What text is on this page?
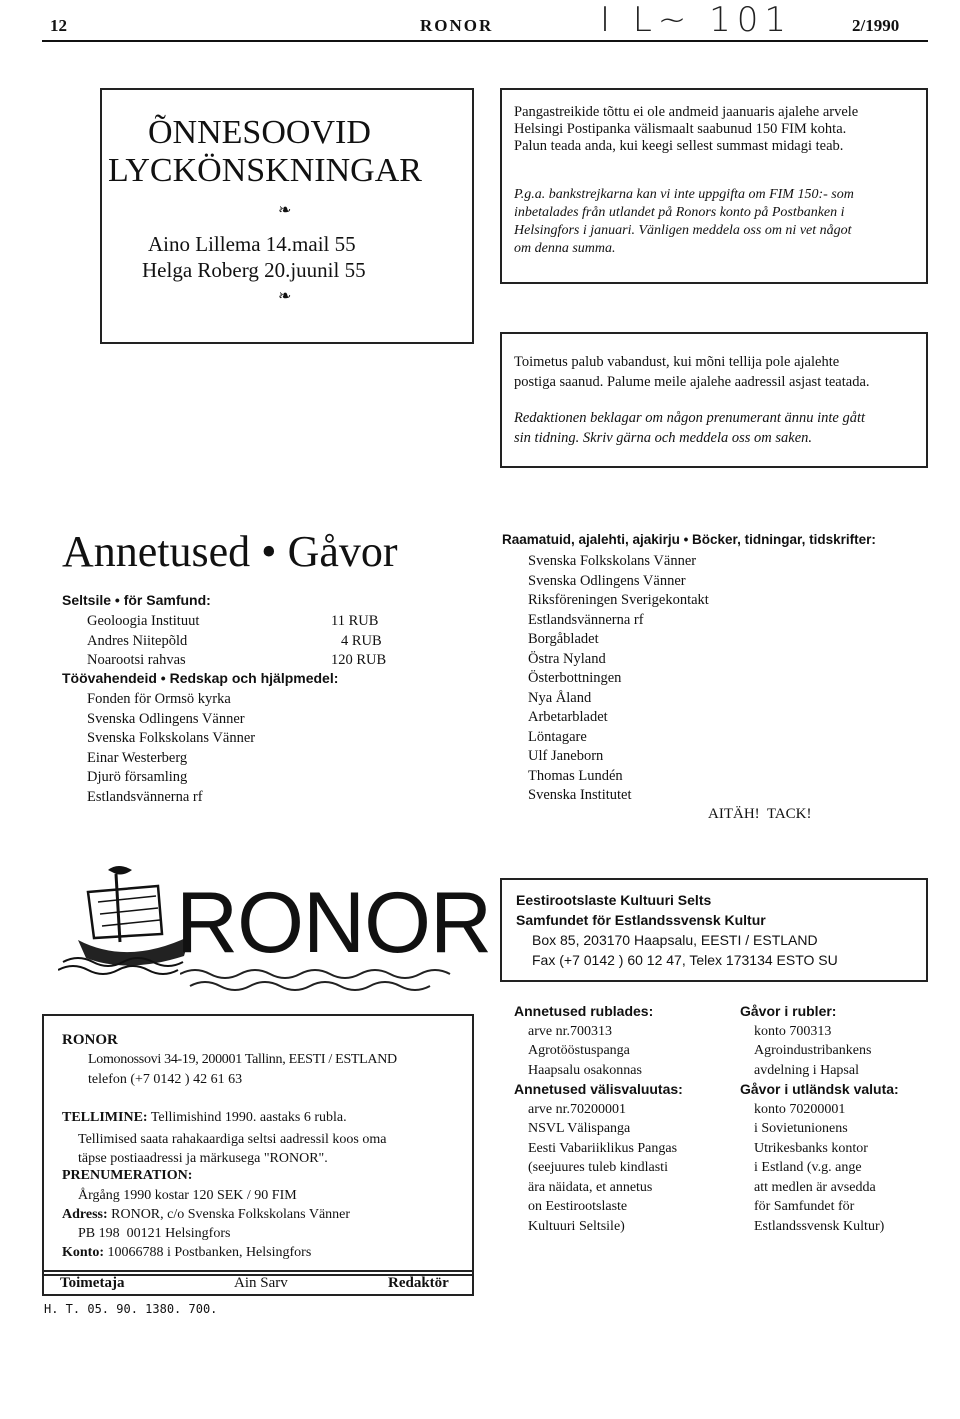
12	RONOR	I L~ 101	2/1990
ÕNNESOOVID
LYCKÖNSKNINGAR
❧
Aino Lillema 14.mail 55
Helga Roberg 20.juunil 55
❧

Pangastreikide tõttu ei ole andmeid jaanuaris ajalehe arvele

Helsingi Postipanka välismaalt saabunud 150 FIM kohta.

Palun teada anda, kui keegi sellest summast midagi teab.

P.g.a. bankstrejkarna kan vi inte uppgifta om FIM 150:- som

inbetalades från utlandet på Ronors konto på Postbanken i

Helsingfors i januari. Vänligen meddela oss om ni vet något

om denna summa.

Toimetus palub vabandust, kui mõni tellija pole ajalehte

postiga saanud. Palume meile ajalehe aadressil asjast teatada.

Redaktionen beklagar om någon prenumerant ännu inte gått

sin tidning. Skriv gärna och meddela oss om saken.

Annetused • Gåvor
Seltsile • för Samfund:
Geoloogia Instituut	11 RUB
Andres Niitepõld	4 RUB
Noarootsi rahvas	120 RUB
Töövahendeid • Redskap och hjälpmedel:

Fonden för Ormsö kyrka

Svenska Odlingens Vänner

Svenska Folkskolans Vänner

Einar Westerberg

Djurö församling

Estlandsvännerna rf

Raamatuid, ajalehti, ajakirju • Böcker, tidningar, tidskrifter:

Svenska Folkskolans Vänner

Svenska Odlingens Vänner

Riksföreningen Sverigekontakt

Estlandsvännerna rf

Borgåbladet

Östra Nyland

Österbottningen

Nya Åland

Arbetarbladet

Löntagare

Ulf Janeborn

Thomas Lundén

Svenska Institutet

AITÄH!  TACK!
RONOR Eestirootslaste Kultuuri Selts
Samfundet för Estlandssvensk Kultur
Box 85, 203170 Haapsalu, EESTI / ESTLAND
Fax (+7 0142 ) 60 12 47, Telex 173134 ESTO SU
RONOR
Lomonossovi 34-19, 200001 Tallinn, EESTI / ESTLAND
telefon (+7 0142 ) 42 61 63
TELLIMINE: Tellimishind 1990. aastaks 6 rubla.

Tellimised saata rahakaardiga seltsi aadressil koos oma

täpse postiaadressi ja märkusega "RONOR".

PRENUMERATION:
Årgång 1990 kostar 120 SEK / 90 FIM
Adress: RONOR, c/o Svenska Folkskolans Vänner
PB 198  00121 Helsingfors
Konto: 10066788 i Postbanken, Helsingfors
Toimetaja	Ain Sarv	Redaktör
H. T. 05. 90. 1380. 700.

Annetused rublades:

arve nr.700313

Agrotööstuspanga

Haapsalu osakonnas

Annetused välisvaluutas:

arve nr.70200001

NSVL Välispanga

Eesti Vabariiklikus Pangas

(seejuures tuleb kindlasti

ära näidata, et annetus

on Eestirootslaste

Kultuuri Seltsile)

Gåvor i rubler:

konto 700313

Agroindustribankens

avdelning i Hapsal

Gåvor i utländsk valuta:

konto 70200001

i Sovietunionens

Utrikesbanks kontor

i Estland (v.g. ange

att medlen är avsedda

för Samfundet för

Estlandssvensk Kultur)
